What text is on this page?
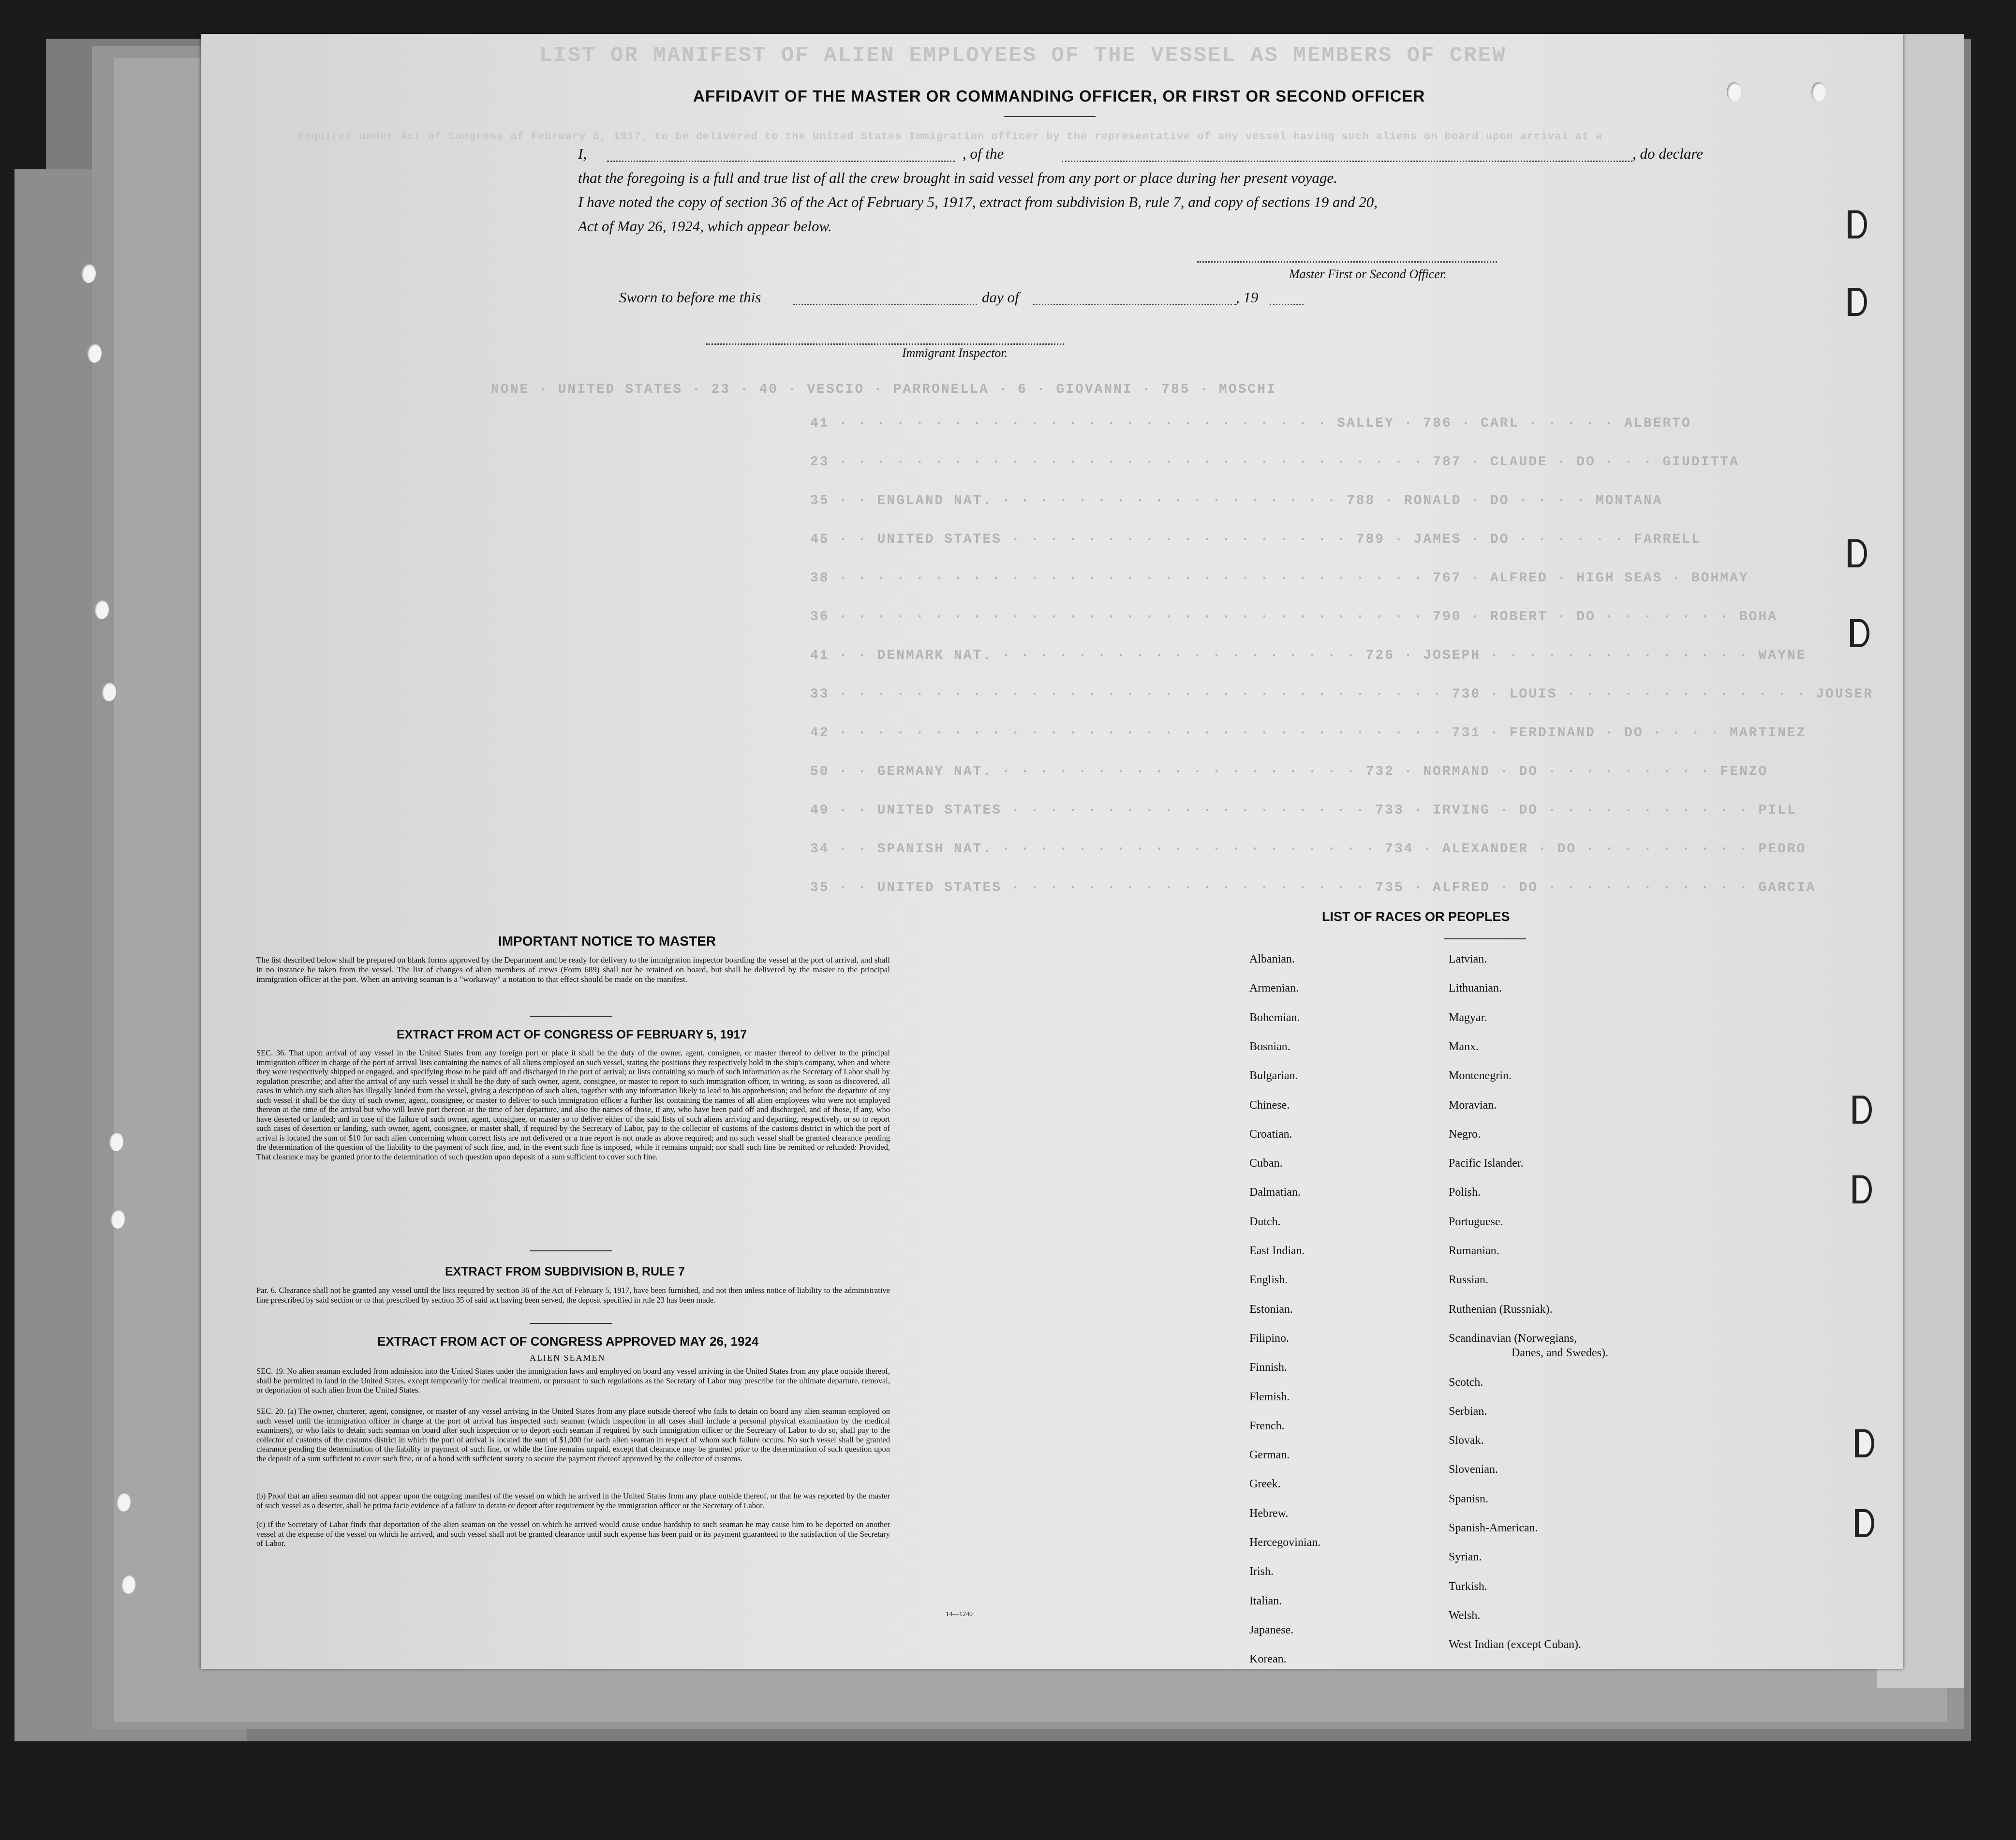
LIST OR MANIFEST OF ALIEN EMPLOYEES OF THE VESSEL AS MEMBERS OF CREW
Required under Act of Congress of February 5, 1917, to be delivered to the United States Immigration officer by the representative of any vessel having such aliens on board upon arrival at a
NONE · UNITED STATES · 23 · 40 · VESCIO · PARRONELLA · 6 · GIOVANNI · 785 · MOSCHI
41 · · · · · · · · · · · · · · · · · · · · · · · · · · SALLEY · 786 · CARL · · · · · ALBERTO
23 · · · · · · · · · · · · · · · · · · · · · · · · · · · · · · · 787 · CLAUDE · DO · · · GIUDITTA
35 · · ENGLAND NAT. · · · · · · · · · · · · · · · · · · 788 · RONALD · DO · · · · MONTANA
45 · · UNITED STATES · · · · · · · · · · · · · · · · · · 789 · JAMES · DO · · · · · · FARRELL
38 · · · · · · · · · · · · · · · · · · · · · · · · · · · · · · · 767 · ALFRED · HIGH SEAS · BOHMAY
36 · · · · · · · · · · · · · · · · · · · · · · · · · · · · · · · 790 · ROBERT · DO · · · · · · · BOHA
41 · · DENMARK NAT. · · · · · · · · · · · · · · · · · · · 726 · JOSEPH · · · · · · · · · · · · · · WAYNE
33 · · · · · · · · · · · · · · · · · · · · · · · · · · · · · · · · 730 · LOUIS · · · · · · · · · · · · · JOUSER
42 · · · · · · · · · · · · · · · · · · · · · · · · · · · · · · · · 731 · FERDINAND · DO · · · · MARTINEZ
50 · · GERMANY NAT. · · · · · · · · · · · · · · · · · · · 732 · NORMAND · DO · · · · · · · · · FENZO
49 · · UNITED STATES · · · · · · · · · · · · · · · · · · · 733 · IRVING · DO · · · · · · · · · · · PILL
34 · · SPANISH NAT. · · · · · · · · · · · · · · · · · · · · 734 · ALEXANDER · DO · · · · · · · · · PEDRO
35 · · UNITED STATES · · · · · · · · · · · · · · · · · · · 735 · ALFRED · DO · · · · · · · · · · · GARCIA
AFFIDAVIT OF THE MASTER OR COMMANDING OFFICER, OR FIRST OR SECOND OFFICER
I,	, of the	, do declare
that the foregoing is a full and true list of all the crew brought in said vessel from any port or place during her present voyage.
I have noted the copy of section 36 of the Act of February 5, 1917, extract from subdivision B, rule 7, and copy of sections 19 and 20,
Act of May 26, 1924, which appear below.
Master First or Second Officer.
Sworn to before me this	day of	, 19
Immigrant Inspector.
IMPORTANT NOTICE TO MASTER
The list described below shall be prepared on blank forms approved by the Department and be ready for delivery to the immigration inspector boarding the vessel at the port of arrival, and shall in no instance be taken from the vessel. The list of changes of alien members of crews (Form 689) shall not be retained on board, but shall be delivered by the master to the principal immigration officer at the port. When an arriving seaman is a "workaway" a notation to that effect should be made on the manifest.
EXTRACT FROM ACT OF CONGRESS OF FEBRUARY 5, 1917
SEC. 36. That upon arrival of any vessel in the United States from any foreign port or place it shall be the duty of the owner, agent, consignee, or master thereof to deliver to the principal immigration officer in charge of the port of arrival lists containing the names of all aliens employed on such vessel, stating the positions they respectively hold in the ship's company, when and where they were respectively shipped or engaged, and specifying those to be paid off and discharged in the port of arrival; or lists containing so much of such information as the Secretary of Labor shall by regulation prescribe; and after the arrival of any such vessel it shall be the duty of such owner, agent, consignee, or master to report to such immigration officer, in writing, as soon as discovered, all cases in which any such alien has illegally landed from the vessel, giving a description of such alien, together with any information likely to lead to his apprehension; and before the departure of any such vessel it shall be the duty of such owner, agent, consignee, or master to deliver to such immigration officer a further list containing the names of all alien employees who were not employed thereon at the time of the arrival but who will leave port thereon at the time of her departure, and also the names of those, if any, who have been paid off and discharged, and of those, if any, who have deserted or landed; and in case of the failure of such owner, agent, consignee, or master so to deliver either of the said lists of such aliens arriving and departing, respectively, or so to report such cases of desertion or landing, such owner, agent, consignee, or master shall, if required by the Secretary of Labor, pay to the collector of customs of the customs district in which the port of arrival is located the sum of $10 for each alien concerning whom correct lists are not delivered or a true report is not made as above required; and no such vessel shall be granted clearance pending the determination of the question of the liability to the payment of such fine, and, in the event such fine is imposed, while it remains unpaid; nor shall such fine be remitted or refunded: Provided, That clearance may be granted prior to the determination of such question upon deposit of a sum sufficient to cover such fine.
EXTRACT FROM SUBDIVISION B, RULE 7
Par. 6. Clearance shall not be granted any vessel until the lists required by section 36 of the Act of February 5, 1917, have been furnished, and not then unless notice of liability to the administrative fine prescribed by said section or to that prescribed by section 35 of said act having been served, the deposit specified in rule 23 has been made.
EXTRACT FROM ACT OF CONGRESS APPROVED MAY 26, 1924
ALIEN SEAMEN
SEC. 19. No alien seaman excluded from admission into the United States under the immigration laws and employed on board any vessel arriving in the United States from any place outside thereof, shall be permitted to land in the United States, except temporarily for medical treatment, or pursuant to such regulations as the Secretary of Labor may prescribe for the ultimate departure, removal, or deportation of such alien from the United States.
SEC. 20. (a) The owner, charterer, agent, consignee, or master of any vessel arriving in the United States from any place outside thereof who fails to detain on board any alien seaman employed on such vessel until the immigration officer in charge at the port of arrival has inspected such seaman (which inspection in all cases shall include a personal physical examination by the medical examiners), or who fails to detain such seaman on board after such inspection or to deport such seaman if required by such immigration officer or the Secretary of Labor to do so, shall pay to the collector of customs of the customs district in which the port of arrival is located the sum of $1,000 for each alien seaman in respect of whom such failure occurs. No such vessel shall be granted clearance pending the determination of the liability to payment of such fine, or while the fine remains unpaid, except that clearance may be granted prior to the determination of such question upon the deposit of a sum sufficient to cover such fine, or of a bond with sufficient surety to secure the payment thereof approved by the collector of customs.
(b) Proof that an alien seaman did not appear upon the outgoing manifest of the vessel on which he arrived in the United States from any place outside thereof, or that he was reported by the master of such vessel as a deserter, shall be prima facie evidence of a failure to detain or deport after requirement by the immigration officer or the Secretary of Labor.
(c) If the Secretary of Labor finds that deportation of the alien seaman on the vessel on which he arrived would cause undue hardship to such seaman he may cause him to be deported on another vessel at the expense of the vessel on which he arrived, and such vessel shall not be granted clearance until such expense has been paid or its payment guaranteed to the satisfaction of the Secretary of Labor.
14—1240
LIST OF RACES OR PEOPLES
Albanian.
Armenian.
Bohemian.
Bosnian.
Bulgarian.
Chinese.
Croatian.
Cuban.
Dalmatian.
Dutch.
East Indian.
English.
Estonian.
Filipino.
Finnish.
Flemish.
French.
German.
Greek.
Hebrew.
Hercegovinian.
Irish.
Italian.
Japanese.
Korean.
Latvian.
Lithuanian.
Magyar.
Manx.
Montenegrin.
Moravian.
Negro.
Pacific Islander.
Polish.
Portuguese.
Rumanian.
Russian.
Ruthenian (Russniak).
Scandinavian (Norwegians,
Danes, and Swedes).
Scotch.
Serbian.
Slovak.
Slovenian.
Spanisn.
Spanish-American.
Syrian.
Turkish.
Welsh.
West Indian (except Cuban).
